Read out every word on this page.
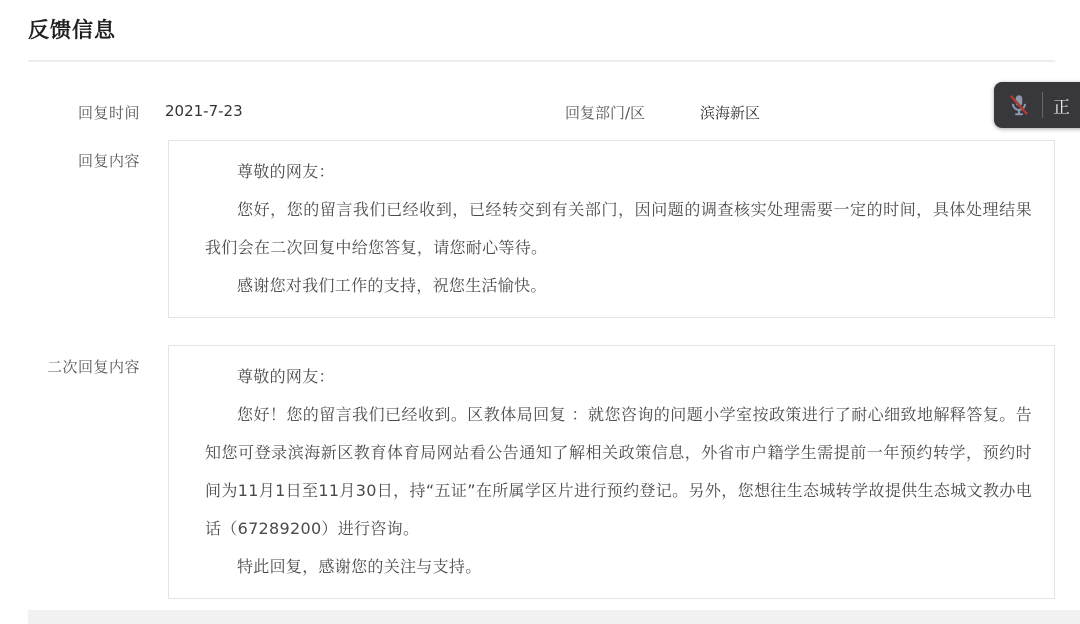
反馈信息
回复时间 2021-7-23	回复部门/区	滨海新区	正
回复内容

尊敬的网友：

您好，您的留言我们已经收到，已经转交到有关部门，因问题的调查核实处理需要一定的时间，具体处理结果我们会在二次回复中给您答复，请您耐心等待。

感谢您对我们工作的支持，祝您生活愉快。

二次回复内容	尊敬的网友：

您好！您的留言我们已经收到。区教体局回复 ：就您咨询的问题小学室按政策进行了耐心细致地解释答复。告知您可登录滨海新区教育体育局网站看公告通知了解相关政策信息，外省市户籍学生需提前一年预约转学，预约时间为11月1日至11月30日，持“五证”在所属学区片进行预约登记。另外，您想往生态城转学故提供生态城文教办电话（67289200）进行咨询。

特此回复，感谢您的关注与支持。
